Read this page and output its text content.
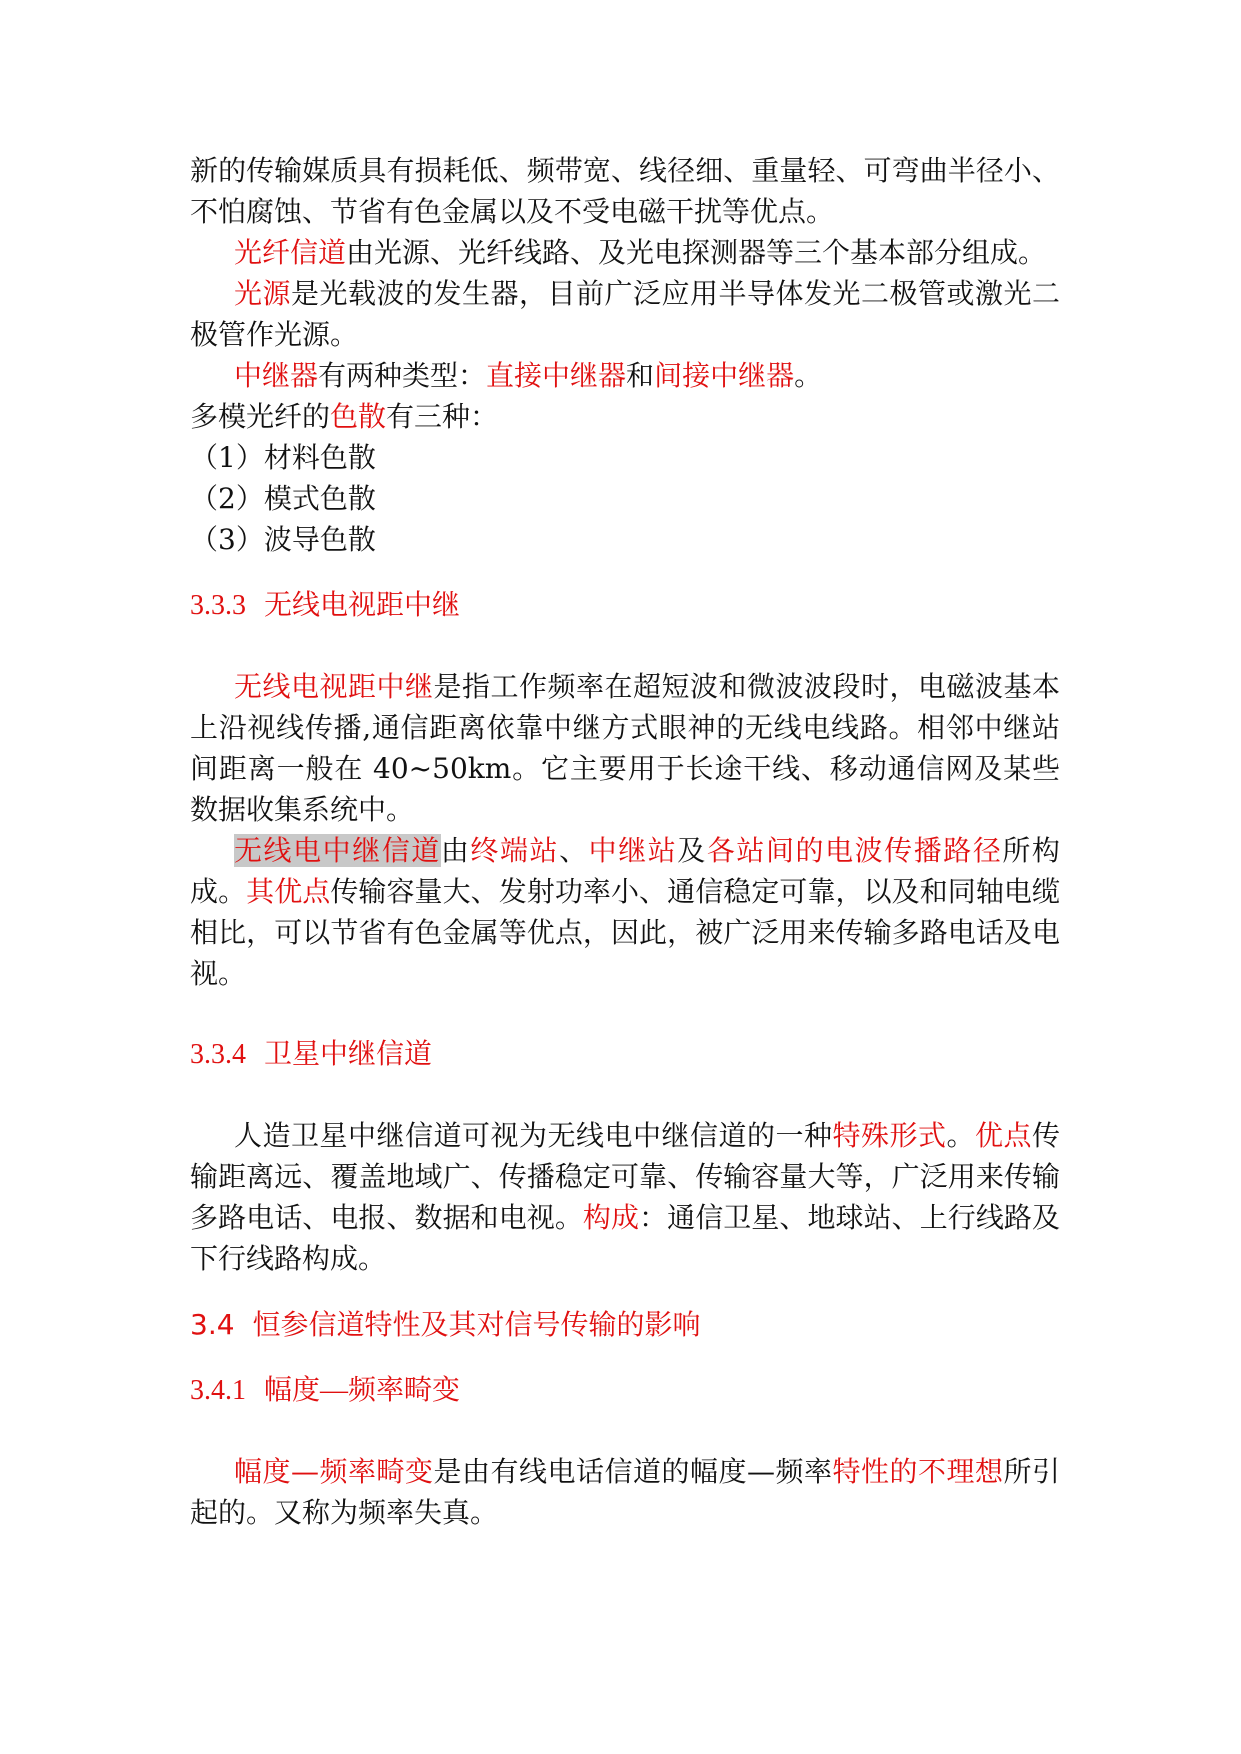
新的传输媒质具有损耗低、频带宽、线径细、重量轻、可弯曲半径小、不怕腐蚀、节省有色金属以及不受电磁干扰等优点。

光纤信道由光源、光纤线路、及光电探测器等三个基本部分组成。

光源是光载波的发生器，目前广泛应用半导体发光二极管或激光二极管作光源。

中继器有两种类型：直接中继器和间接中继器。

多模光纤的色散有三种：

（1）材料色散

（2）模式色散

（3）波导色散

3.3.3 无线电视距中继

无线电视距中继是指工作频率在超短波和微波波段时，电磁波基本上沿视线传播,通信距离依靠中继方式眼神的无线电线路。相邻中继站间距离一般在 40~50km。它主要用于长途干线、移动通信网及某些数据收集系统中。

无线电中继信道由终端站、中继站及各站间的电波传播路径所构成。其优点传输容量大、发射功率小、通信稳定可靠，以及和同轴电缆相比，可以节省有色金属等优点，因此，被广泛用来传输多路电话及电视。

3.3.4 卫星中继信道

人造卫星中继信道可视为无线电中继信道的一种特殊形式。优点传输距离远、覆盖地域广、传播稳定可靠、传输容量大等，广泛用来传输多路电话、电报、数据和电视。构成：通信卫星、地球站、上行线路及下行线路构成。

3.4 恒参信道特性及其对信号传输的影响

3.4.1 幅度—频率畸变

幅度—频率畸变是由有线电话信道的幅度—频率特性的不理想所引起的。又称为频率失真。
